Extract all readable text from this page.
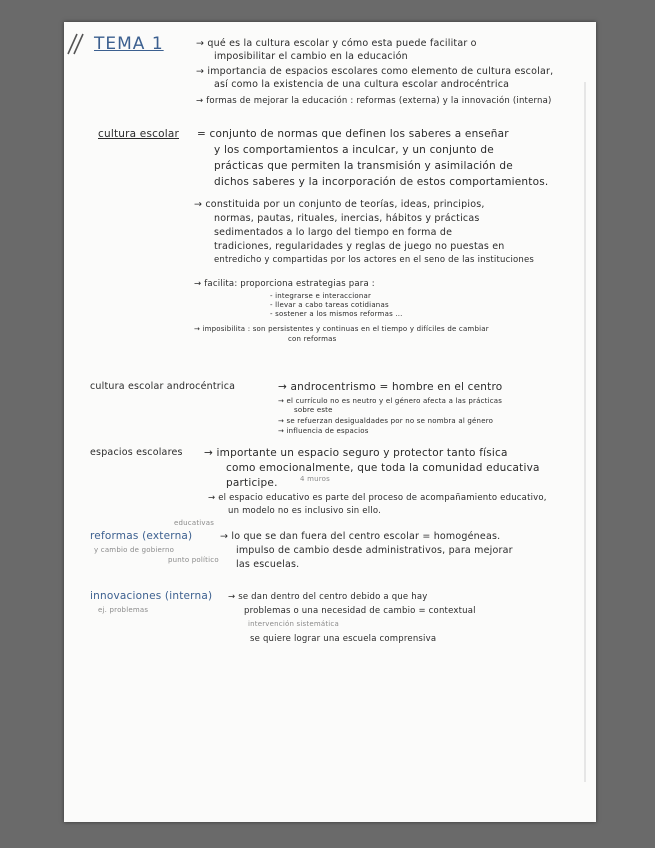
TEMA 1	→ qué es la cultura escolar y cómo esta puede facilitar o
imposibilitar el cambio en la educación
→ importancia de espacios escolares como elemento de cultura escolar,
así como la existencia de una cultura escolar androcéntrica
→ formas de mejorar la educación : reformas (externa) y la innovación (interna)
cultura escolar = conjunto de normas que definen los saberes a enseñar
y los comportamientos a inculcar, y un conjunto de
prácticas que permiten la transmisión y asimilación de
dichos saberes y la incorporación de estos comportamientos.
→ constituida por un conjunto de teorías, ideas, principios,
normas, pautas, rituales, inercias, hábitos y prácticas
sedimentados a lo largo del tiempo en forma de
tradiciones, regularidades y reglas de juego no puestas en
entredicho y compartidas por los actores en el seno de las instituciones
→ facilita: proporciona estrategias para :
- integrarse e interaccionar
- llevar a cabo tareas cotidianas
- sostener a los mismos reformas ...
→ imposibilita : son persistentes y continuas en el tiempo y difíciles de cambiar
con reformas
cultura escolar androcéntrica	→ androcentrismo = hombre en el centro
→ el currículo no es neutro y el género afecta a las prácticas
sobre este
→ se refuerzan desigualdades por no se nombra al género
→ influencia de espacios
espacios escolares → importante un espacio seguro y protector tanto física
como emocionalmente, que toda la comunidad educativa
participe.	4 muros
→ el espacio educativo es parte del proceso de acompañamiento educativo,
un modelo no es inclusivo sin ello.
educativas
reformas (externa)
y cambio de gobierno
punto político
→ lo que se dan fuera del centro escolar = homogéneas.
impulso de cambio desde administrativos, para mejorar
las escuelas.
innovaciones (interna)
ej. problemas
→ se dan dentro del centro debido a que hay
problemas o una necesidad de cambio = contextual
intervención sistemática
se quiere lograr una escuela comprensiva
